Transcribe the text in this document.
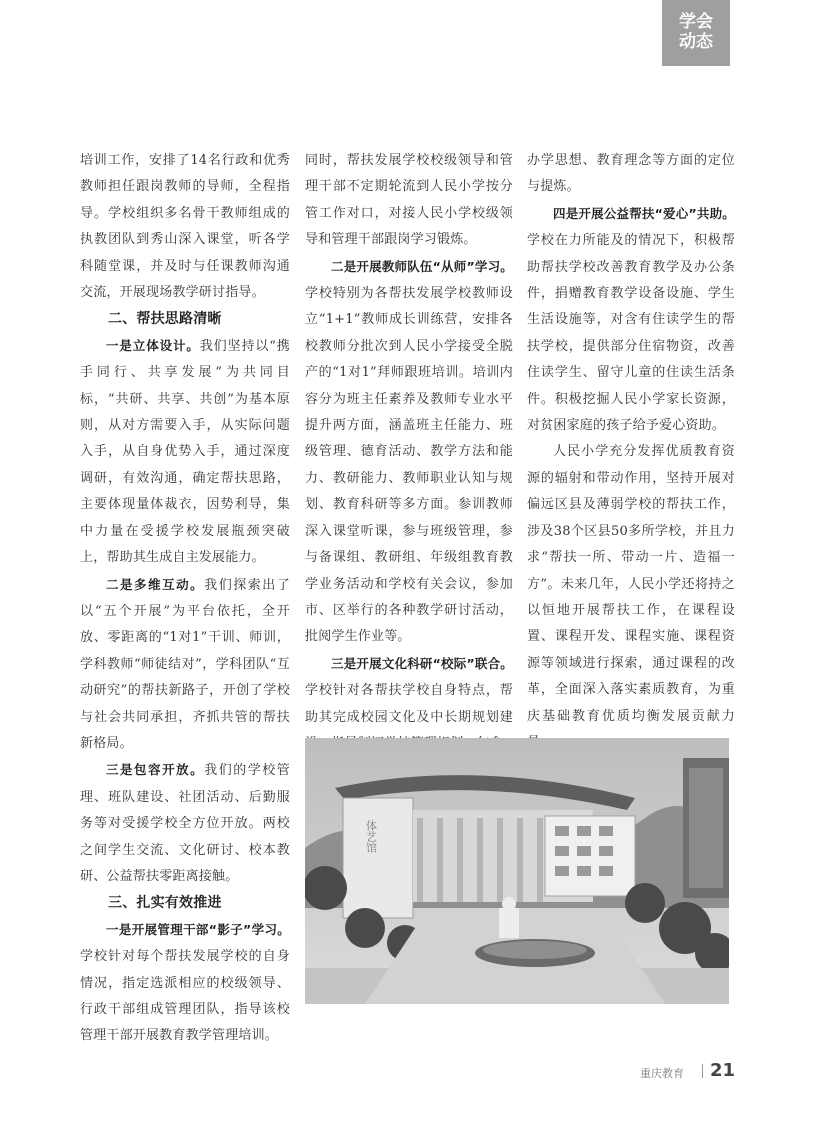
学会
动态

培训工作，安排了14名行政和优秀教师担任跟岗教师的导师，全程指导。学校组织多名骨干教师组成的执教团队到秀山深入课堂，听各学科随堂课，并及时与任课教师沟通交流，开展现场教学研讨指导。

二、帮扶思路清晰

一是立体设计。我们坚持以“携手同行、共享发展”为共同目标，“共研、共享、共创”为基本原则，从对方需要入手，从实际问题入手，从自身优势入手，通过深度调研，有效沟通，确定帮扶思路，主要体现量体裁衣，因势利导，集中力量在受援学校发展瓶颈突破上，帮助其生成自主发展能力。

二是多维互动。我们探索出了以“五个开展”为平台依托，全开放、零距离的“1对1”干训、师训，学科教师“师徒结对”，学科团队“互动研究”的帮扶新路子，开创了学校与社会共同承担，齐抓共管的帮扶新格局。

三是包容开放。我们的学校管理、班队建设、社团活动、后勤服务等对受援学校全方位开放。两校之间学生交流、文化研讨、校本教研、公益帮扶零距离接触。

三、扎实有效推进

一是开展管理干部“影子”学习。学校针对每个帮扶发展学校的自身情况，指定选派相应的校级领导、行政干部组成管理团队，指导该校管理干部开展教育教学管理培训。

同时，帮扶发展学校校级领导和管理干部不定期轮流到人民小学按分管工作对口，对接人民小学校级领导和管理干部跟岗学习锻炼。

二是开展教师队伍“从师”学习。学校特别为各帮扶发展学校教师设立“1+1”教师成长训练营，安排各校教师分批次到人民小学接受全脱产的“1对1”拜师跟班培训。培训内容分为班主任素养及教师专业水平提升两方面，涵盖班主任能力、班级管理、德育活动、教学方法和能力、教研能力、教师职业认知与规划、教育科研等多方面。参训教师深入课堂听课，参与班级管理，参与备课组、教研组、年级组教育教学业务活动和学校有关会议，参加市、区举行的各种教学研讨活动，批阅学生作业等。

三是开展文化科研“校际”联合。学校针对各帮扶学校自身特点，帮助其完成校园文化及中长期规划建

办学思想、教育理念等方面的定位与提炼。

四是开展公益帮扶“爱心”共助。学校在力所能及的情况下，积极帮助帮扶学校改善教育教学及办公条件，捐赠教育教学设备设施、学生生活设施等，对含有住读学生的帮扶学校，提供部分住宿物资，改善住读学生、留守儿童的住读生活条件。积极挖掘人民小学家长资源，对贫困家庭的孩子给予爱心资助。

人民小学充分发挥优质教育资源的辐射和带动作用，坚持开展对偏远区县及薄弱学校的帮扶工作，涉及38个区县50多所学校，并且力求“帮扶一所、带动一片、造福一方”。未来几年，人民小学还将持之以恒地开展帮扶工作，在课程设置、课程开发、课程实施、课程资源等领域进行探索，通过课程的改革，全面深入落实素质教育，为重庆基础教育优质均衡发展贡献力

体艺馆
重庆教育 21
